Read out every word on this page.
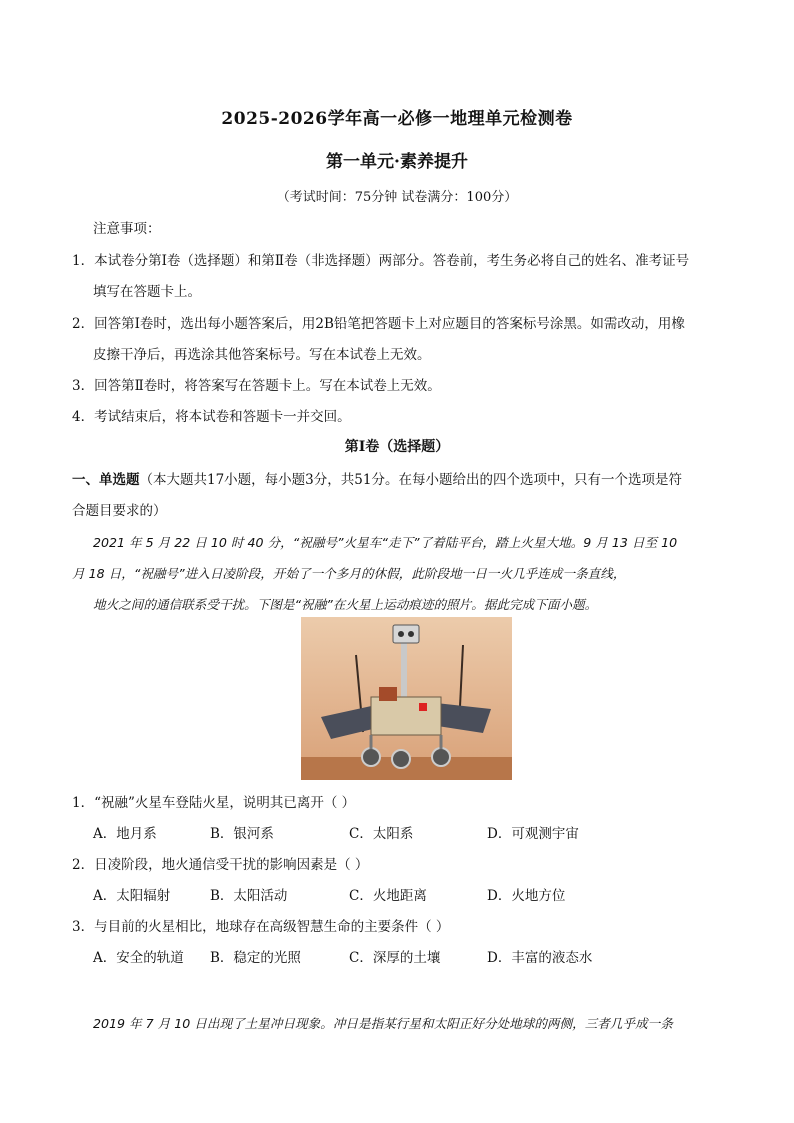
2025-2026学年高一必修一地理单元检测卷
第一单元·素养提升
（考试时间：75分钟 试卷满分：100分）
注意事项：
1．本试卷分第Ⅰ卷（选择题）和第Ⅱ卷（非选择题）两部分。答卷前，考生务必将自己的姓名、准考证号
填写在答题卡上。
2．回答第Ⅰ卷时，选出每小题答案后，用2B铅笔把答题卡上对应题目的答案标号涂黑。如需改动，用橡
皮擦干净后，再选涂其他答案标号。写在本试卷上无效。
3．回答第Ⅱ卷时，将答案写在答题卡上。写在本试卷上无效。
4．考试结束后，将本试卷和答题卡一并交回。
第Ⅰ卷（选择题）
一、单选题（本大题共17小题，每小题3分，共51分。在每小题给出的四个选项中，只有一个选项是符
合题目要求的）
2021 年 5 月 22 日 10 时 40 分，“祝融号”火星车“走下”了着陆平台，踏上火星大地。9 月 13 日至 10
月 18 日，“祝融号”进入日凌阶段，开始了一个多月的休假，此阶段地一日一火几乎连成一条直线，
地火之间的通信联系受干扰。下图是“祝融”在火星上运动痕迹的照片。据此完成下面小题。
1．“祝融”火星车登陆火星，说明其已离开（ ）
A．地月系	B．银河系	C．太阳系	D．可观测宇宙
2．日凌阶段，地火通信受干扰的影响因素是（ ）
A．太阳辐射	B．太阳活动	C．火地距离	D．火地方位
3．与目前的火星相比，地球存在高级智慧生命的主要条件（ ）
A．安全的轨道 B．稳定的光照	C．深厚的土壤	D．丰富的液态水
2019 年 7 月 10 日出现了土星冲日现象。冲日是指某行星和太阳正好分处地球的两侧，三者几乎成一条
